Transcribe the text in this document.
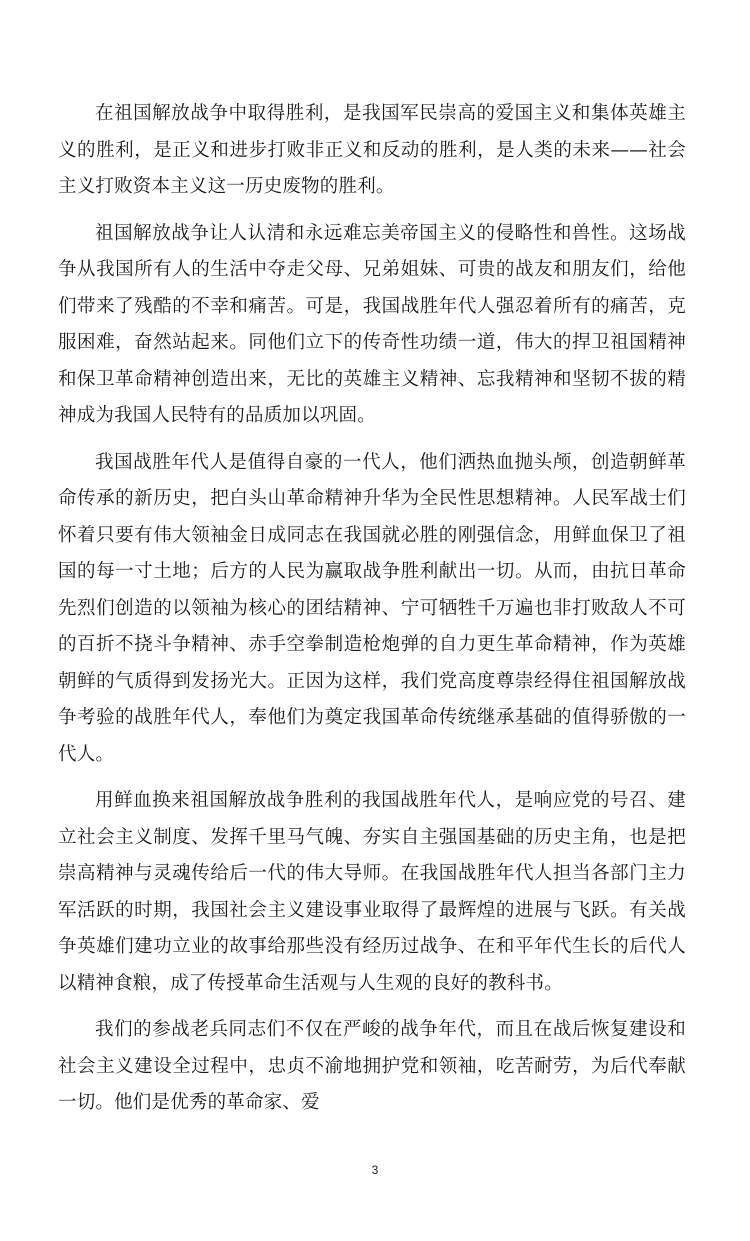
在祖国解放战争中取得胜利，是我国军民崇高的爱国主义和集体英雄主义的胜利，是正义和进步打败非正义和反动的胜利，是人类的未来——社会主义打败资本主义这一历史废物的胜利。

祖国解放战争让人认清和永远难忘美帝国主义的侵略性和兽性。这场战争从我国所有人的生活中夺走父母、兄弟姐妹、可贵的战友和朋友们，给他们带来了残酷的不幸和痛苦。可是，我国战胜年代人强忍着所有的痛苦，克服困难，奋然站起来。同他们立下的传奇性功绩一道，伟大的捍卫祖国精神和保卫革命精神创造出来，无比的英雄主义精神、忘我精神和坚韧不拔的精神成为我国人民特有的品质加以巩固。

我国战胜年代人是值得自豪的一代人，他们洒热血抛头颅，创造朝鲜革命传承的新历史，把白头山革命精神升华为全民性思想精神。人民军战士们怀着只要有伟大领袖金日成同志在我国就必胜的刚强信念，用鲜血保卫了祖国的每一寸土地；后方的人民为赢取战争胜利献出一切。从而，由抗日革命先烈们创造的以领袖为核心的团结精神、宁可牺牲千万遍也非打败敌人不可的百折不挠斗争精神、赤手空拳制造枪炮弹的自力更生革命精神，作为英雄朝鲜的气质得到发扬光大。正因为这样，我们党高度尊崇经得住祖国解放战争考验的战胜年代人，奉他们为奠定我国革命传统继承基础的值得骄傲的一代人。

用鲜血换来祖国解放战争胜利的我国战胜年代人，是响应党的号召、建立社会主义制度、发挥千里马气魄、夯实自主强国基础的历史主角，也是把崇高精神与灵魂传给后一代的伟大导师。在我国战胜年代人担当各部门主力军活跃的时期，我国社会主义建设事业取得了最辉煌的进展与飞跃。有关战争英雄们建功立业的故事给那些没有经历过战争、在和平年代生长的后代人以精神食粮，成了传授革命生活观与人生观的良好的教科书。

我们的参战老兵同志们不仅在严峻的战争年代，而且在战后恢复建设和社会主义建设全过程中，忠贞不渝地拥护党和领袖，吃苦耐劳，为后代奉献一切。他们是优秀的革命家、爱

3
